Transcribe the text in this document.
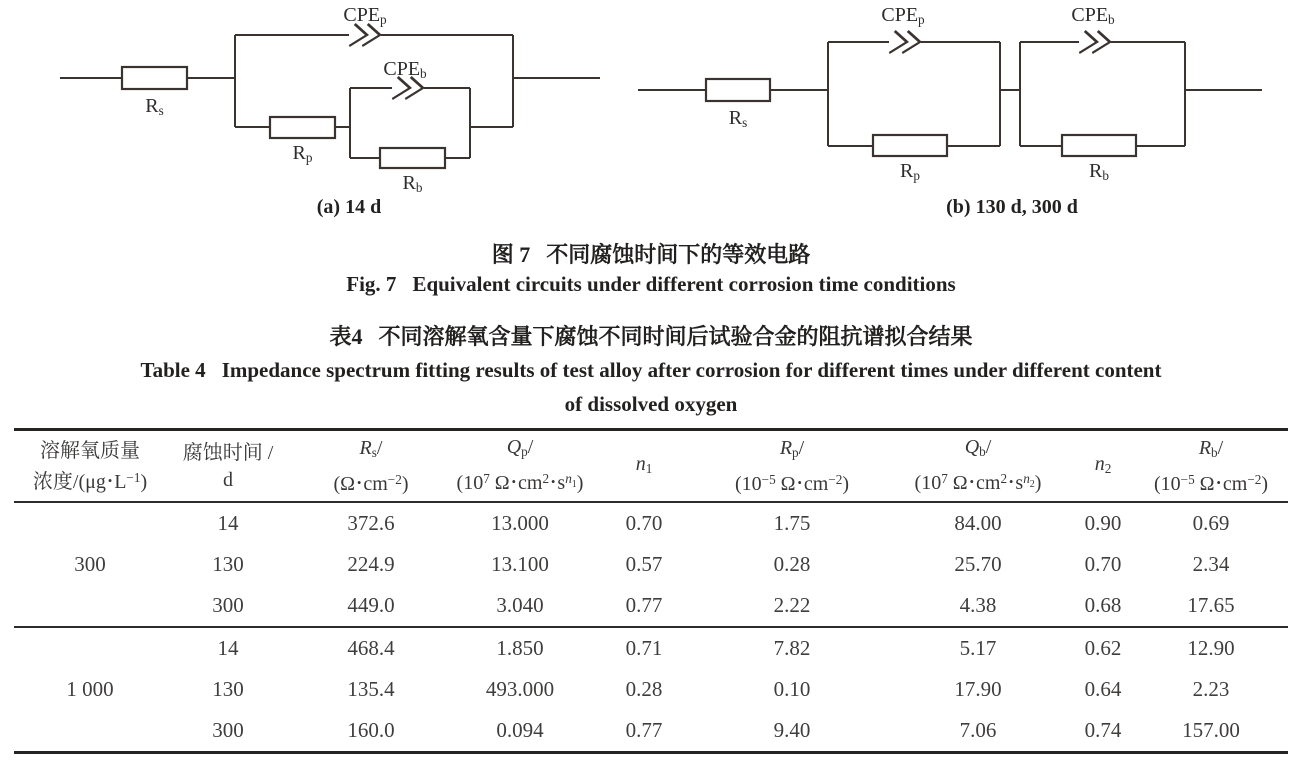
CPEp
CPEb
Rs
Rp
Rb
(a) 14 d
CPEp	CPEb
Rs
Rp	Rb
(b) 130 d, 300 d
图 7 不同腐蚀时间下的等效电路
Fig. 7 Equivalent circuits under different corrosion time conditions
表4 不同溶解氧含量下腐蚀不同时间后试验合金的阻抗谱拟合结果
Table 4 Impedance spectrum fitting results of test alloy after corrosion for different times under different content
of dissolved oxygen
溶解氧质量
浓度/(μg • $L^{-1}$)

腐蚀时间 /
d

Rs/
(Ω • $cm^{-2}$)

Qp/
($10^7$ Ω • $cm^2$ • $s^n1$)

n1

Rp/
($10^{-5}$ Ω • $cm^{-2}$)

Qb/
($10^7$ Ω • $cm^2$ • $s^n2$)

n2

Rb/
($10^{-5}$ Ω • $cm^{-2}$)

300	14	372.6	13.000	0.70	1.75	84.00	0.90	0.69
	130	224.9	13.100	0.57	0.28	25.70	0.70	2.34
	300	449.0	3.040	0.77	2.22	4.38	0.68	17.65
1 000	14	468.4	1.850	0.71	7.82	5.17	0.62	12.90
	130	135.4	493.000	0.28	0.10	17.90	0.64	2.23
	300	160.0	0.094	0.77	9.40	7.06	0.74	157.00
